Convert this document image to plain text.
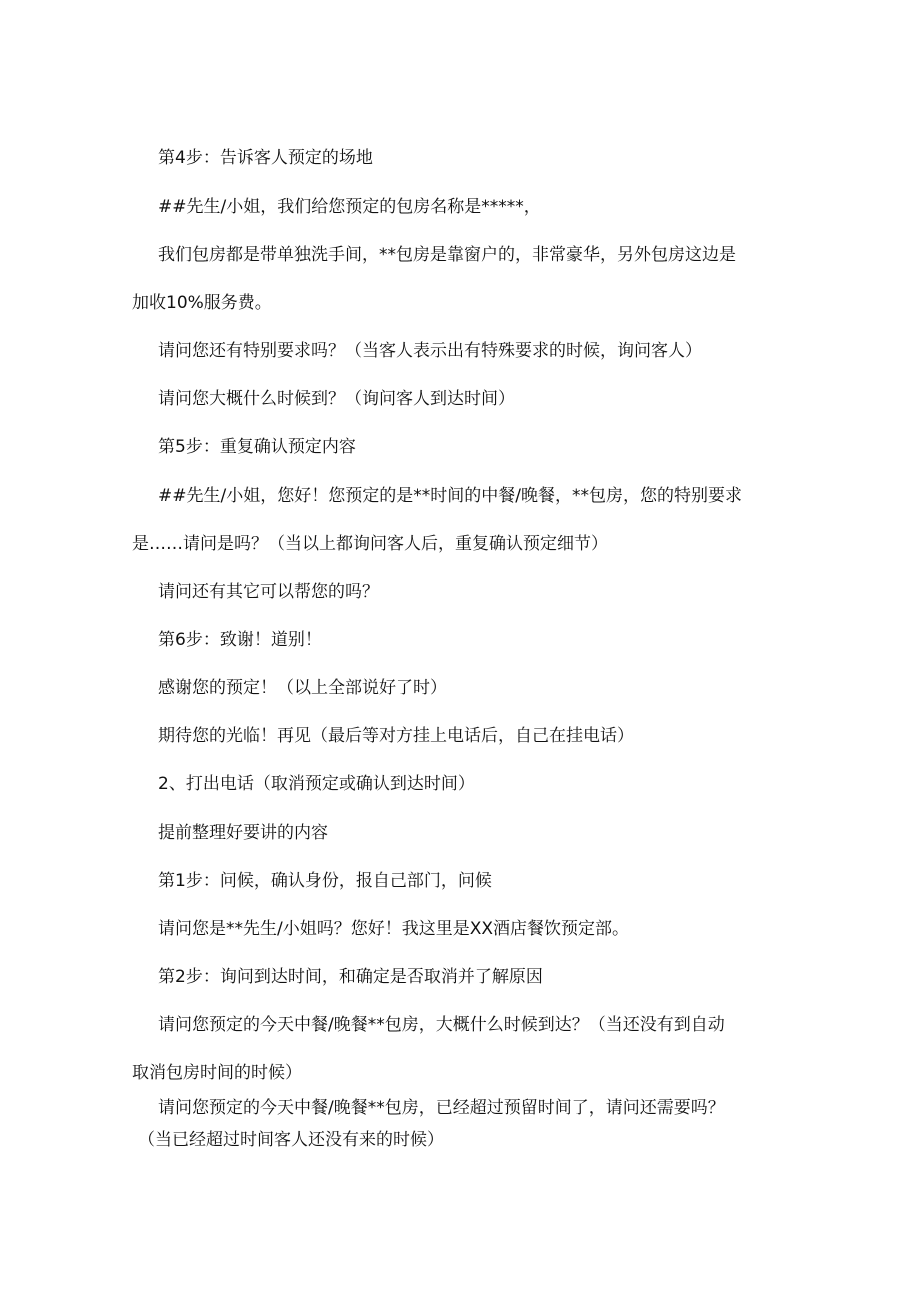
第4步：告诉客人预定的场地
##先生/小姐，我们给您预定的包房名称是*****，
我们包房都是带单独洗手间，**包房是靠窗户的，非常豪华，另外包房这边是
加收10%服务费。
请问您还有特别要求吗？（当客人表示出有特殊要求的时候，询问客人）
请问您大概什么时候到？（询问客人到达时间）
第5步：重复确认预定内容
##先生/小姐，您好！您预定的是**时间的中餐/晚餐，**包房，您的特别要求
是……请问是吗？（当以上都询问客人后，重复确认预定细节）
请问还有其它可以帮您的吗？
第6步：致谢！道别！
感谢您的预定！（以上全部说好了时）
期待您的光临！再见（最后等对方挂上电话后，自己在挂电话）
2、打出电话（取消预定或确认到达时间）
提前整理好要讲的内容
第1步：问候，确认身份，报自己部门，问候
请问您是**先生/小姐吗？您好！我这里是XX酒店餐饮预定部。
第2步：询问到达时间，和确定是否取消并了解原因
请问您预定的今天中餐/晚餐**包房，大概什么时候到达？（当还没有到自动
取消包房时间的时候）
请问您预定的今天中餐/晚餐**包房，已经超过预留时间了，请问还需要吗？
（当已经超过时间客人还没有来的时候）
